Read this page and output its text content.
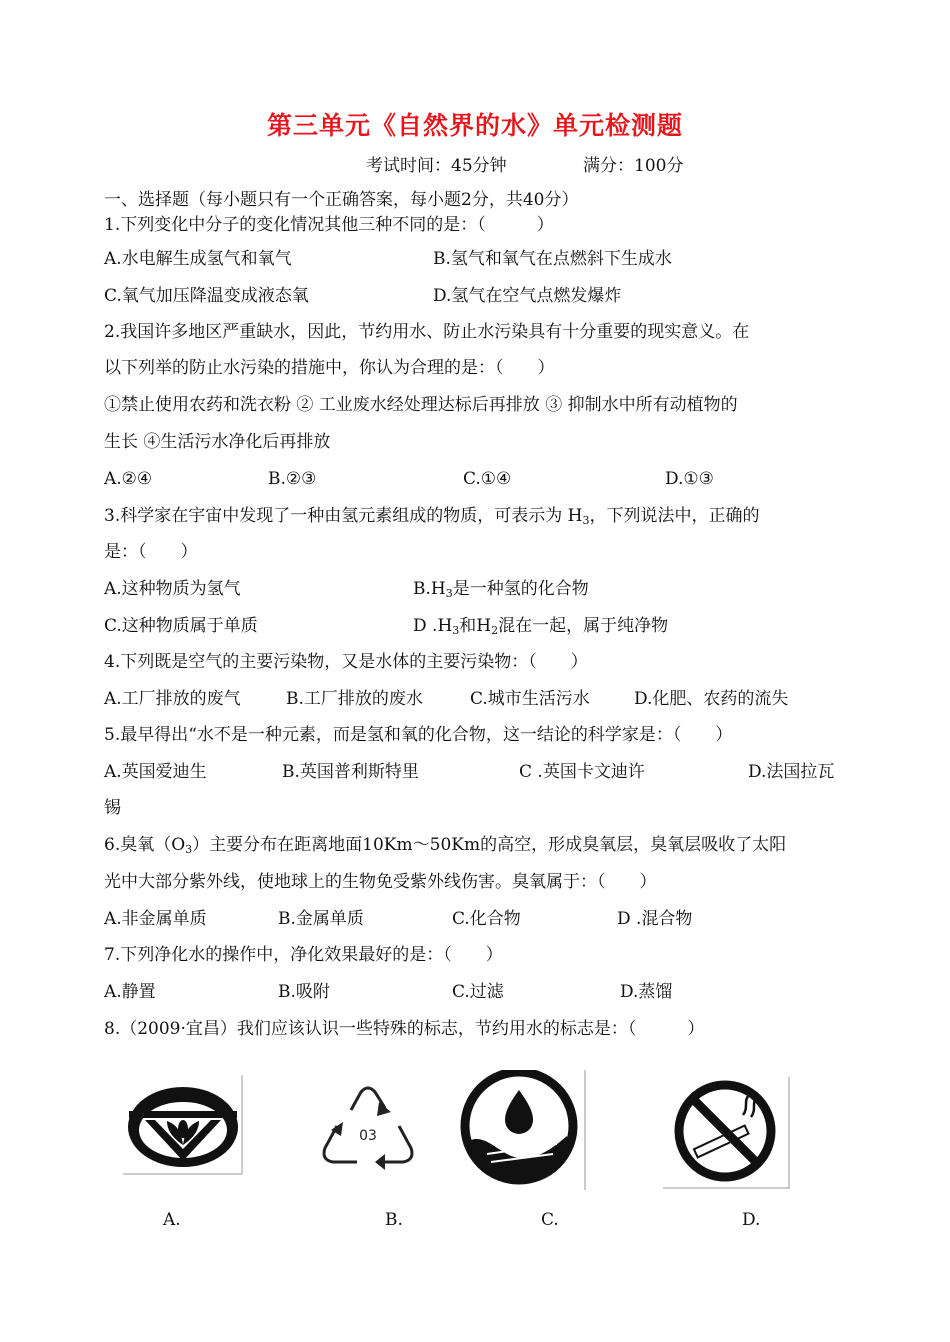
第三单元《自然界的水》单元检测题
考试时间：45分钟	满分：100分
一、选择题（每小题只有一个正确答案，每小题2分，共40分）
1.下列变化中分子的变化情况其他三种不同的是：（　　　）
A.水电解生成氢气和氧气	B.氢气和氧气在点燃斜下生成水
C.氧气加压降温变成液态氧	D.氢气在空气点燃发爆炸
2.我国许多地区严重缺水，因此，节约用水、防止水污染具有十分重要的现实意义。在
以下列举的防止水污染的措施中，你认为合理的是：（　　）
①禁止使用农药和洗衣粉 ② 工业废水经处理达标后再排放 ③ 抑制水中所有动植物的
生长 ④生活污水净化后再排放
A.②④	B.②③	C.①④	D.①③
3.科学家在宇宙中发现了一种由氢元素组成的物质，可表示为 $H_3$，下列说法中，正确的
是：（　　）
A.这种物质为氢气	$B.H_3$是一种氢的化合物
C.这种物质属于单质	D $.H_3$和$H_2$混在一起，属于纯净物
4.下列既是空气的主要污染物，又是水体的主要污染物：（　　）
A.工厂排放的废气	B.工厂排放的废水	C.城市生活污水	D.化肥、农药的流失
5.最早得出“水不是一种元素，而是氢和氧的化合物，这一结论的科学家是：（　　）
A.英国爱迪生	B.英国普利斯特里	C .英国卡文迪许	D.法国拉瓦
锡
6.臭氧$(O_3)$主要分布在距离地面10Km～50Km的高空，形成臭氧层，臭氧层吸收了太阳
光中大部分紫外线，使地球上的生物免受紫外线伤害。臭氧属于：（　　）
A.非金属单质	B.金属单质	C.化合物	D .混合物
7.下列净化水的操作中，净化效果最好的是：（　　）
A.静置	B.吸附	C.过滤	D.蒸馏
8.（2009·宜昌）我们应该认识一些特殊的标志，节约用水的标志是：（　　　）
03
A.	B.	C.	D.
